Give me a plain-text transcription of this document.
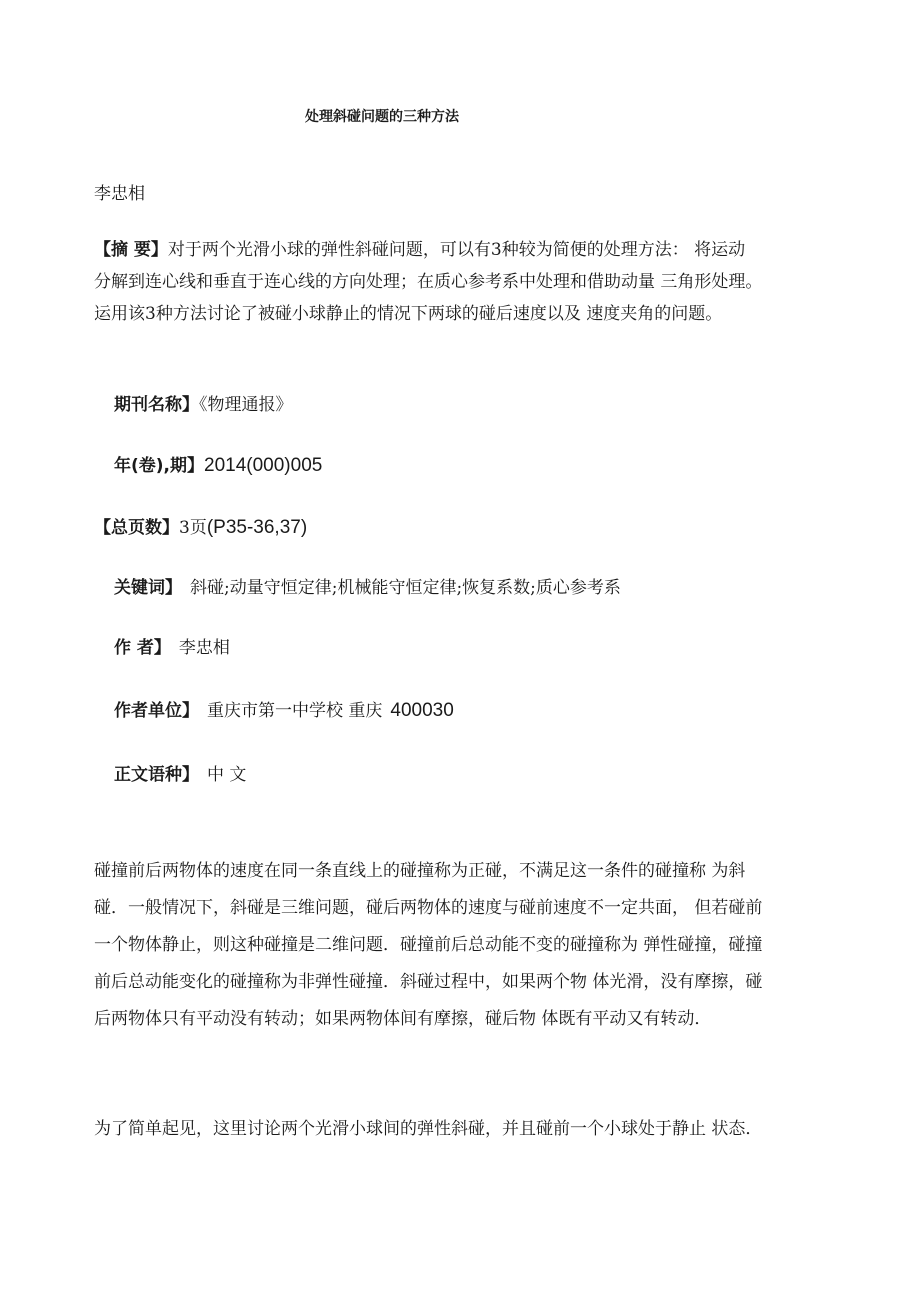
处理斜碰问题的三种方法
李忠相
【摘 要】对于两个光滑小球的弹性斜碰问题，可以有3种较为简便的处理方法： 将运动
分解到连心线和垂直于连心线的方向处理；在质心参考系中处理和借助动量 三角形处理。
运用该3种方法讨论了被碰小球静止的情况下两球的碰后速度以及 速度夹角的问题。
期刊名称】《物理通报》
年(卷),期】2014(000)005
【总页数】3页(P35-36,37)
关键词】 斜碰;动量守恒定律;机械能守恒定律;恢复系数;质心参考系
作 者】 李忠相
作者单位】 重庆市第一中学校 重庆 400030
正文语种】 中 文
碰撞前后两物体的速度在同一条直线上的碰撞称为正碰，不满足这一条件的碰撞称 为斜
碰．一般情况下，斜碰是三维问题，碰后两物体的速度与碰前速度不一定共面， 但若碰前
一个物体静止，则这种碰撞是二维问题．碰撞前后总动能不变的碰撞称为 弹性碰撞，碰撞
前后总动能变化的碰撞称为非弹性碰撞．斜碰过程中，如果两个物 体光滑，没有摩擦，碰
后两物体只有平动没有转动；如果两物体间有摩擦，碰后物 体既有平动又有转动．
为了简单起见，这里讨论两个光滑小球间的弹性斜碰，并且碰前一个小球处于静止 状态．
